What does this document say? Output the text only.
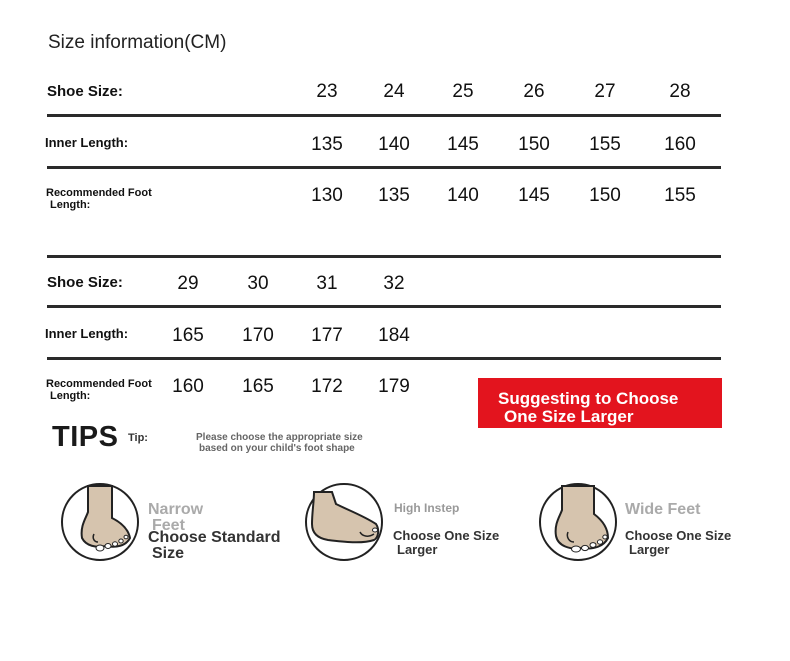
Size information(CM)
Shoe Size:	23	24	25	26	27	28
Inner Length:	135	140	145	150	155	160
Recommended Foot
Length:	130	135	140	145	150	155
Shoe Size:	29	30	31	32
Inner Length:	165	170	177	184
Recommended Foot
Length:	160	165	172	179
Suggesting to Choose
One Size Larger
TIPS Tip:	Please choose the appropriate size
based on your child's foot shape
Narrow
Feet
Choose Standard
Size
High Instep
Choose One Size
Larger
Wide Feet
Choose One Size
Larger
